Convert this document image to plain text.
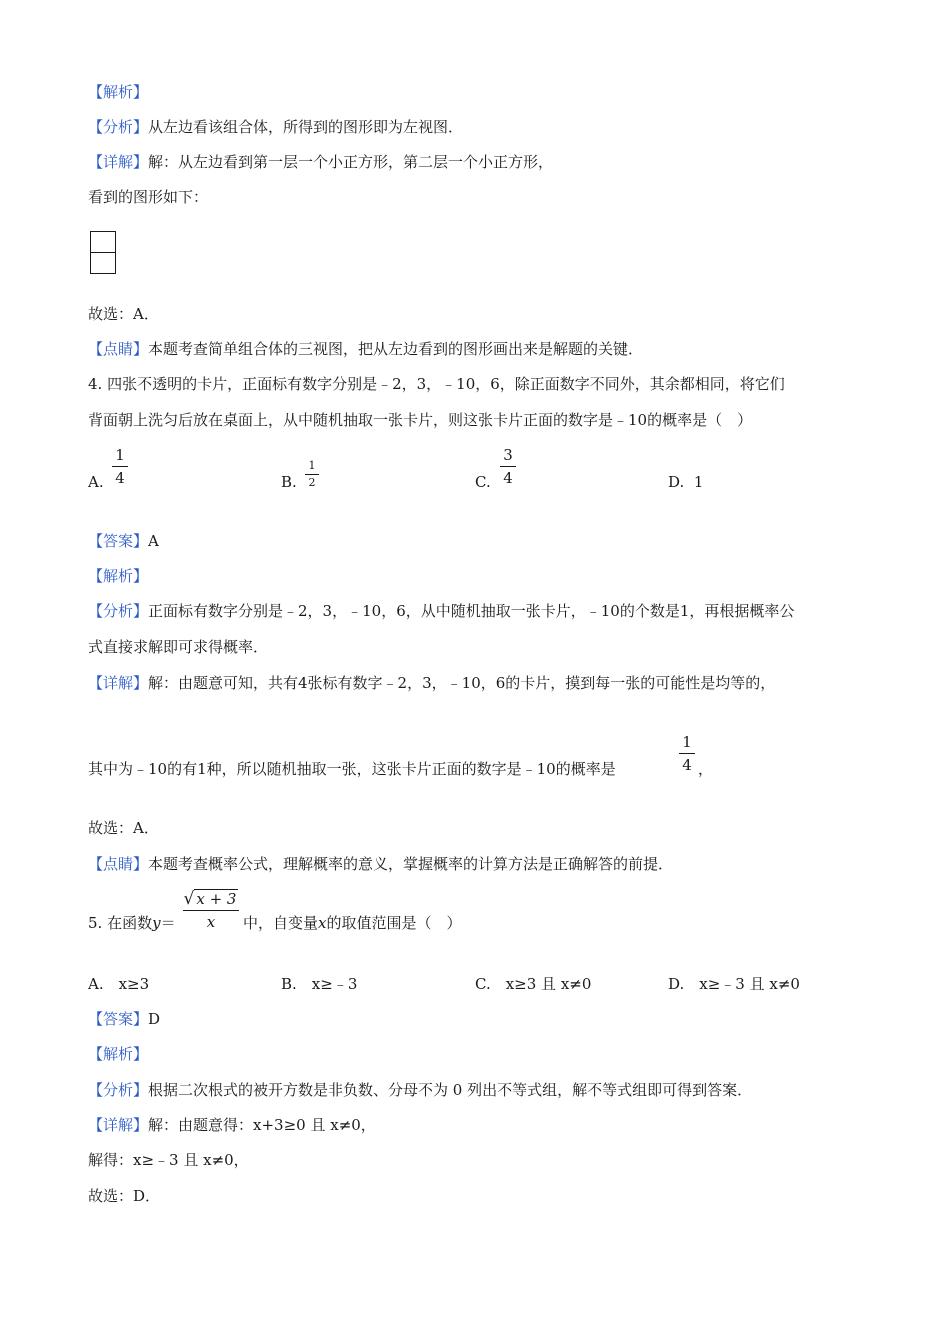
【解析】
【分析】从左边看该组合体，所得到的图形即为左视图．
【详解】解：从左边看到第一层一个小正方形，第二层一个小正方形，
看到的图形如下：
故选：A．
【点睛】本题考查简单组合体的三视图，把从左边看到的图形画出来是解题的关键．
4. 四张不透明的卡片，正面标有数字分别是﹣2，3，﹣10，6，除正面数字不同外，其余都相同，将它们
背面朝上洗匀后放在桌面上，从中随机抽取一张卡片，则这张卡片正面的数字是﹣10的概率是（　）
A.
1
4	B.
1
2	C.
3
4	D. 1
【答案】A
【解析】
【分析】正面标有数字分别是﹣2，3，﹣10，6，从中随机抽取一张卡片，﹣10的个数是1，再根据概率公
式直接求解即可求得概率．
【详解】解：由题意可知，共有4张标有数字﹣2，3，﹣10，6的卡片，摸到每一张的可能性是均等的，
其中为﹣10的有1种，所以随机抽取一张，这张卡片正面的数字是﹣10的概率是
1
4 ，
故选：A．
【点睛】本题考查概率公式，理解概率的意义，掌握概率的计算方法是正确解答的前提．
5. 在函数y＝
√ x + 3
x	中，自变量x的取值范围是（　）
A.　x≥3	B.　x≥﹣3	C.　x≥3 且 x≠0	D.　x≥﹣3 且 x≠0
【答案】D
【解析】
【分析】根据二次根式的被开方数是非负数、分母不为 0 列出不等式组，解不等式组即可得到答案．
【详解】解：由题意得：x+3≥0 且 x≠0，
解得：x≥﹣3 且 x≠0，
故选：D．
